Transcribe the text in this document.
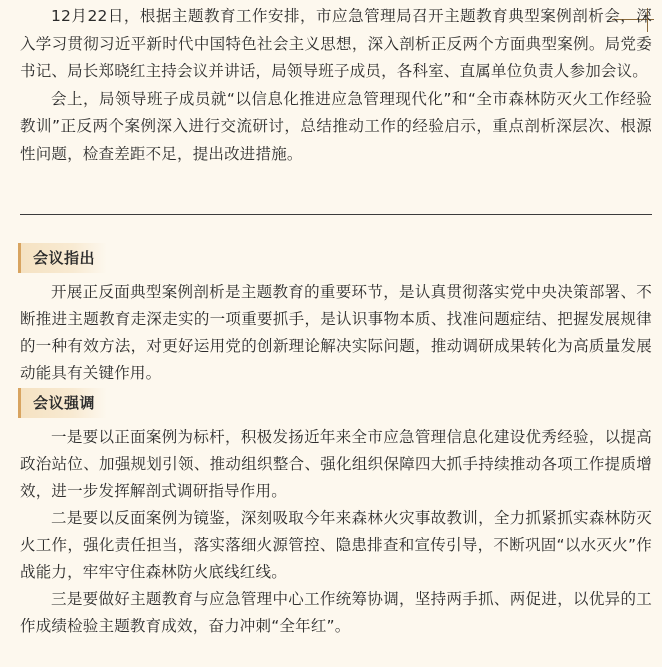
12月22日，根据主题教育工作安排，市应急管理局召开主题教育典型案例剖析会，深入学习贯彻习近平新时代中国特色社会主义思想，深入剖析正反两个方面典型案例。局党委书记、局长郑晓红主持会议并讲话，局领导班子成员，各科室、直属单位负责人参加会议。

会上，局领导班子成员就“以信息化推进应急管理现代化”和“全市森林防灭火工作经验教训”正反两个案例深入进行交流研讨，总结推动工作的经验启示，重点剖析深层次、根源性问题，检查差距不足，提出改进措施。

会议指出

开展正反面典型案例剖析是主题教育的重要环节，是认真贯彻落实党中央决策部署、不断推进主题教育走深走实的一项重要抓手，是认识事物本质、找准问题症结、把握发展规律的一种有效方法，对更好运用党的创新理论解决实际问题，推动调研成果转化为高质量发展动能具有关键作用。

会议强调

一是要以正面案例为标杆，积极发扬近年来全市应急管理信息化建设优秀经验，以提高政治站位、加强规划引领、推动组织整合、强化组织保障四大抓手持续推动各项工作提质增效，进一步发挥解剖式调研指导作用。

二是要以反面案例为镜鉴，深刻吸取今年来森林火灾事故教训，全力抓紧抓实森林防灭火工作，强化责任担当，落实落细火源管控、隐患排查和宣传引导，不断巩固“以水灭火”作战能力，牢牢守住森林防火底线红线。

三是要做好主题教育与应急管理中心工作统筹协调，坚持两手抓、两促进，以优异的工作成绩检验主题教育成效，奋力冲刺“全年红”。
